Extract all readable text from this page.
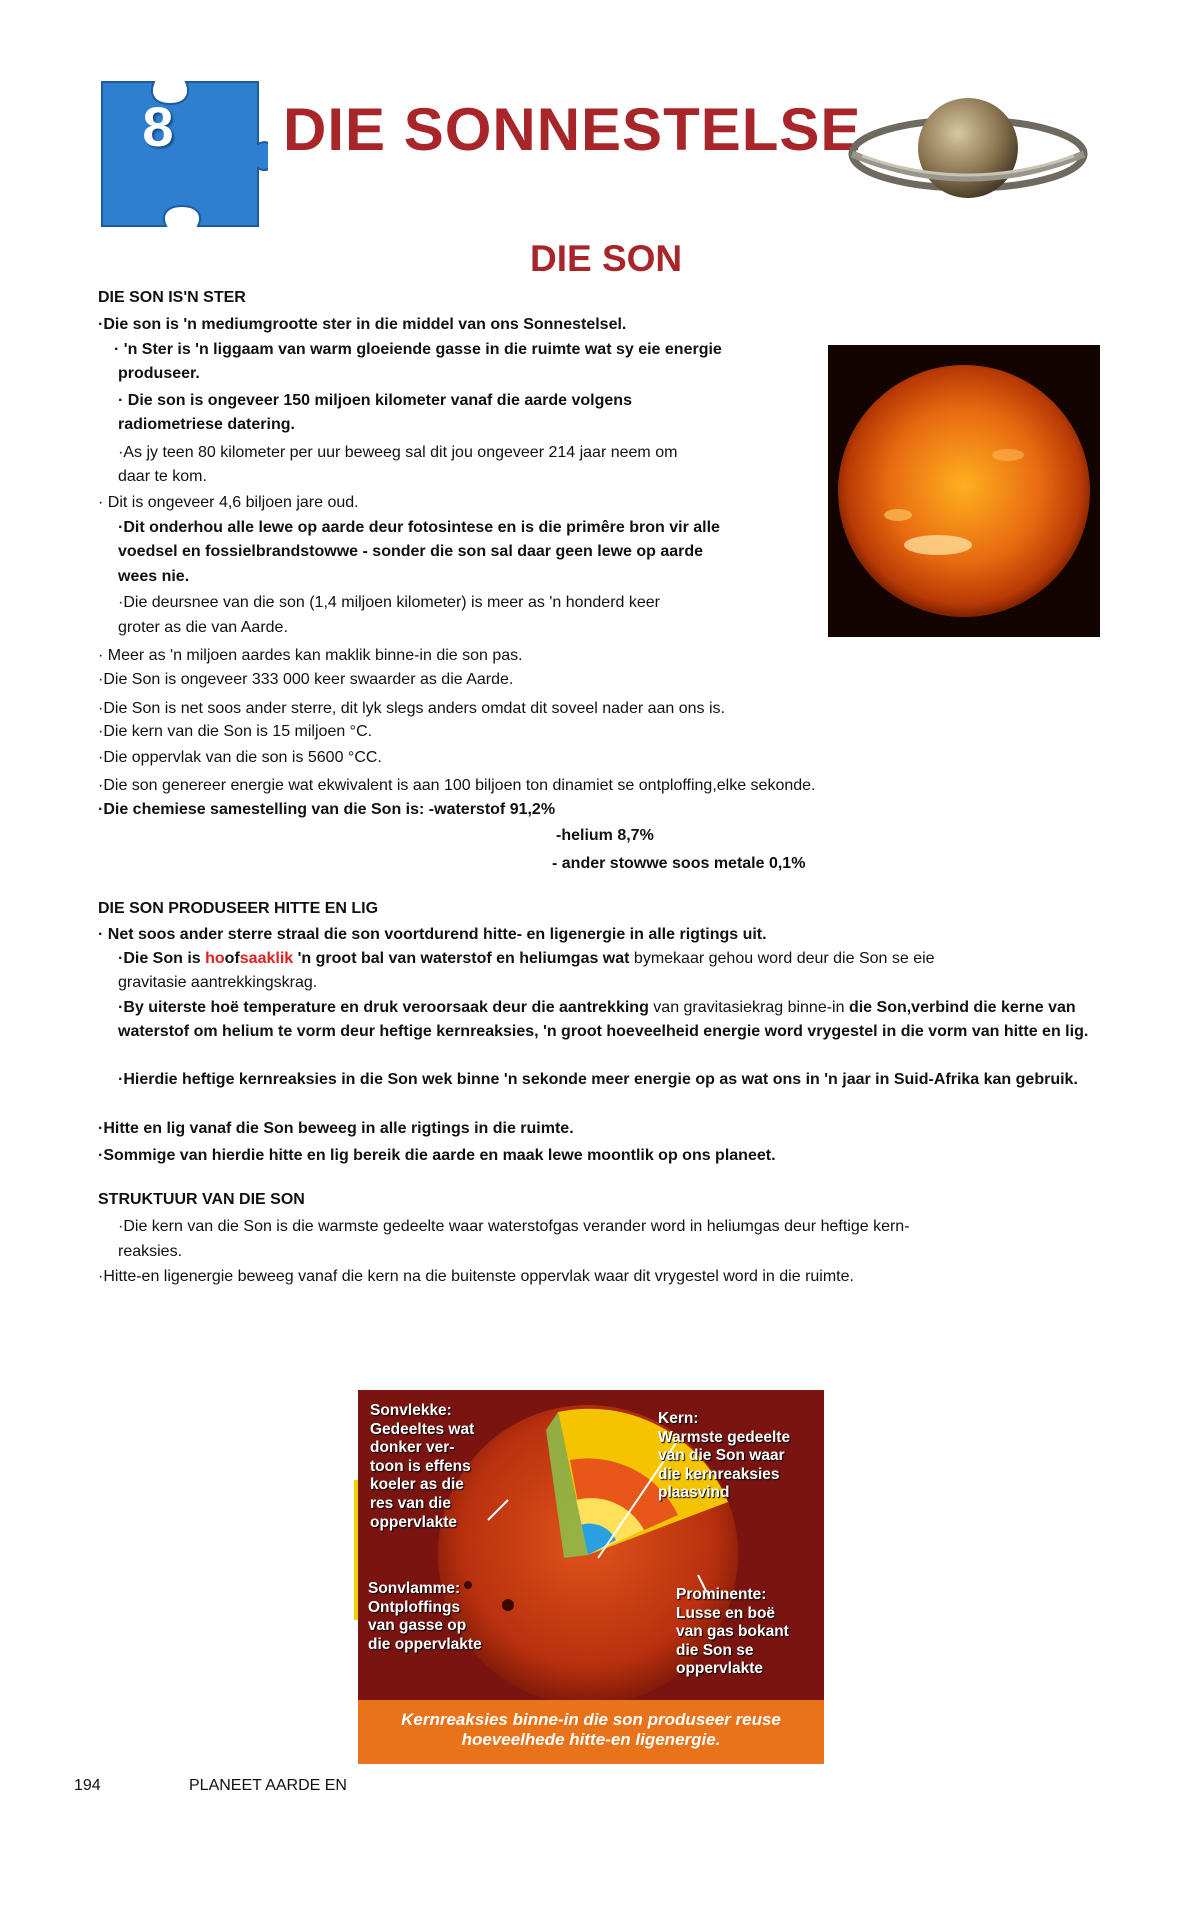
8 DIE SONNESTELSE
DIE SON
DIE SON IS'N STER
·Die son is 'n mediumgrootte ster in die middel van ons Sonnestelsel.
· 'n Ster is 'n liggaam van warm gloeiende gasse in die ruimte wat sy eie energie
produseer.
· Die son is ongeveer 150 miljoen kilometer vanaf die aarde volgens
radiometriese datering.
·As jy teen 80 kilometer per uur beweeg sal dit jou ongeveer 214 jaar neem om
daar te kom.
· Dit is ongeveer 4,6 biljoen jare oud.
·Dit onderhou alle lewe op aarde deur fotosintese en is die primêre bron vir alle
voedsel en fossielbrandstowwe - sonder die son sal daar geen lewe op aarde
wees nie.
·Die deursnee van die son (1,4 miljoen kilometer) is meer as 'n honderd keer
groter as die van Aarde.
· Meer as 'n miljoen aardes kan maklik binne-in die son pas.
·Die Son is ongeveer 333 000 keer swaarder as die Aarde.
·Die Son is net soos ander sterre, dit lyk slegs anders omdat dit soveel nader aan ons is.
·Die kern van die Son is 15 miljoen °C.
·Die oppervlak van die son is 5600 °CC.
·Die son genereer energie wat ekwivalent is aan 100 biljoen ton dinamiet se ontploffing,elke sekonde.
·Die chemiese samestelling van die Son is: -waterstof 91,2%
-helium 8,7%
- ander stowwe soos metale 0,1%
DIE SON PRODUSEER HITTE EN LIG
· Net soos ander sterre straal die son voortdurend hitte- en ligenergie in alle rigtings uit.
·Die Son is hoofsaaklik 'n groot bal van waterstof en heliumgas wat bymekaar gehou word deur die Son se eie
gravitasie aantrekkingskrag.
·By uiterste hoë temperature en druk veroorsaak deur die aantrekking van gravitasiekrag binne-in die Son,verbind die kerne van waterstof om helium te vorm deur heftige kernreaksies, 'n groot hoeveelheid energie word vrygestel in die vorm van hitte en lig.
·Hierdie heftige kernreaksies in die Son wek binne 'n sekonde meer energie op as wat ons in 'n jaar in Suid-Afrika kan gebruik.
·Hitte en lig vanaf die Son beweeg in alle rigtings in die ruimte.
·Sommige van hierdie hitte en lig bereik die aarde en maak lewe moontlik op ons planeet.
STRUKTUUR VAN DIE SON
·Die kern van die Son is die warmste gedeelte waar waterstofgas verander word in heliumgas deur heftige kern-
reaksies.
·Hitte-en ligenergie beweeg vanaf die kern na die buitenste oppervlak waar dit vrygestel word in die ruimte.
Sonvlekke:
Gedeeltes wat
donker ver-
toon is effens
koeler as die
res van die
oppervlakte
Kern:
Warmste gedeelte
van die Son waar
die kernreaksies
plaasvind
Sonvlamme:
Ontploffings
van gasse op
die oppervlakte
Prominente:
Lusse en boë
van gas bokant
die Son se
oppervlakte
Kernreaksies binne-in die son produseer reuse
hoeveelhede hitte-en ligenergie.
194	PLANEET AARDE EN
